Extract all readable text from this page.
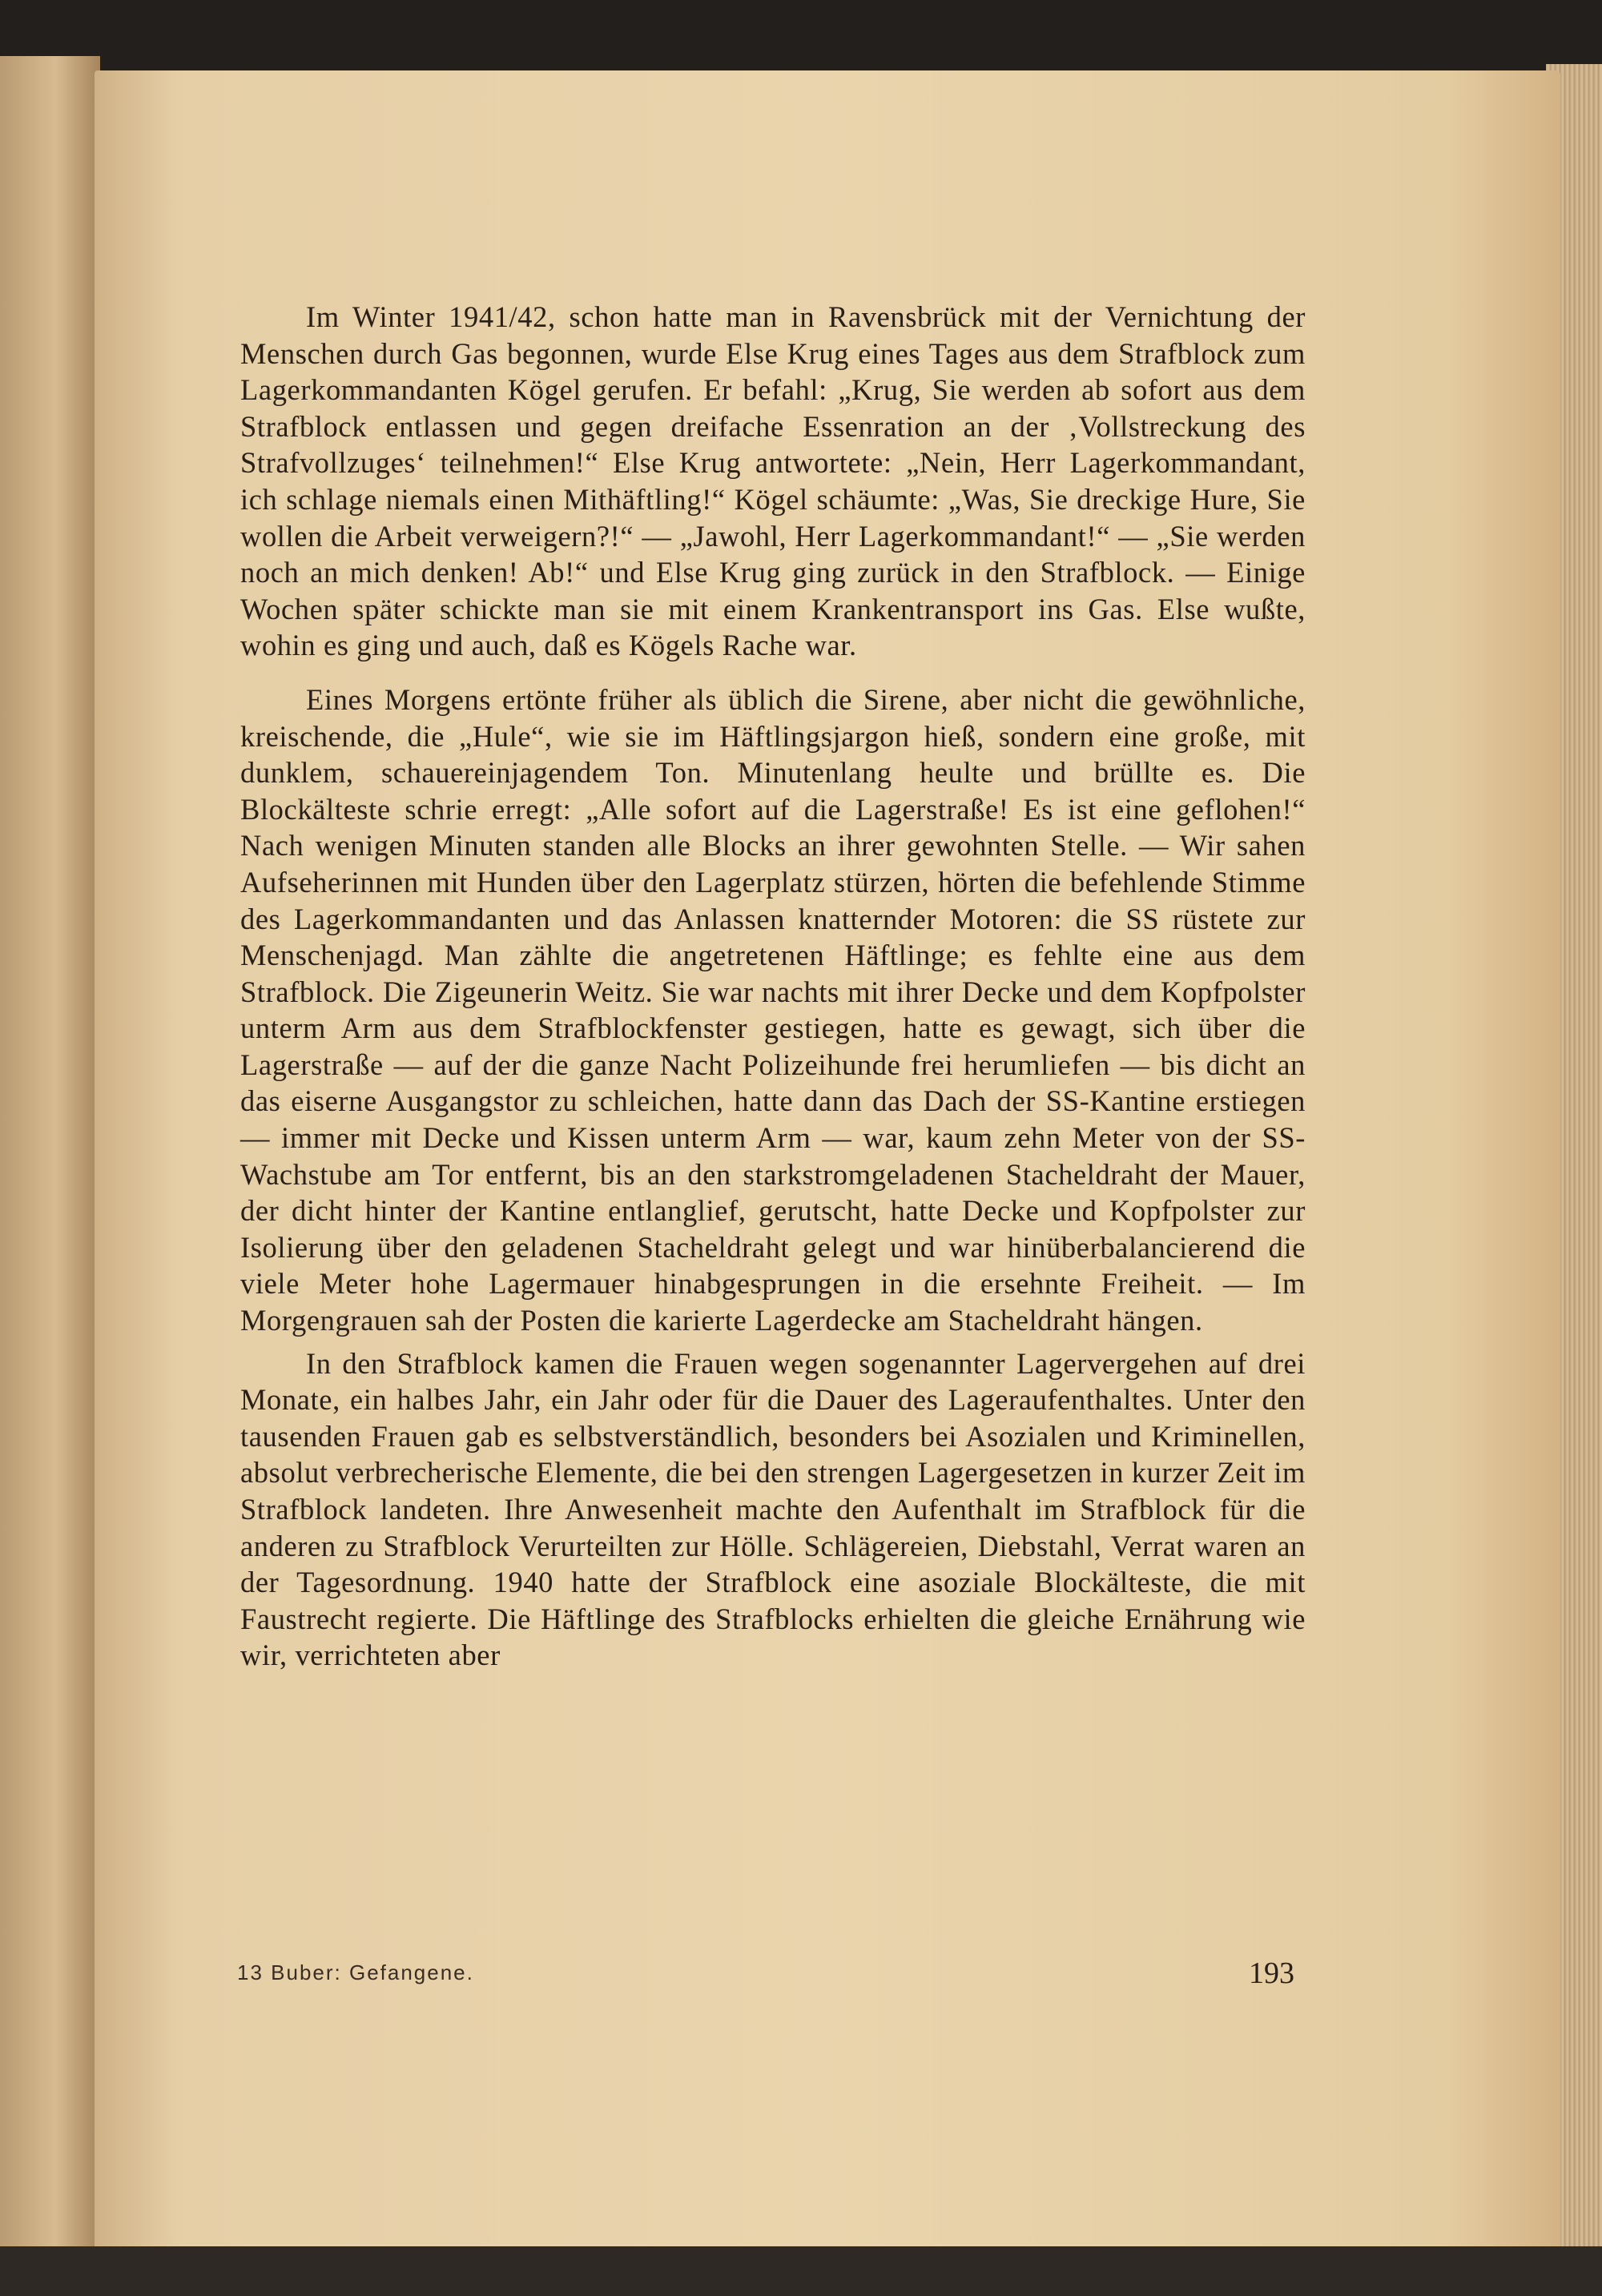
Im Winter 1941/42, schon hatte man in Ravensbrück mit der Vernichtung der Menschen durch Gas begonnen, wurde Else Krug eines Tages aus dem Strafblock zum Lagerkommandanten Kögel gerufen. Er befahl: „Krug, Sie werden ab sofort aus dem Strafblock entlassen und gegen dreifache Essenration an der ‚Vollstreckung des Strafvollzuges‘ teilnehmen!“ Else Krug antwortete: „Nein, Herr Lagerkommandant, ich schlage niemals einen Mithäftling!“ Kögel schäumte: „Was, Sie dreckige Hure, Sie wollen die Arbeit verweigern?!“ — „Jawohl, Herr Lagerkommandant!“ — „Sie werden noch an mich denken! Ab!“ und Else Krug ging zurück in den Strafblock. — Einige Wochen später schickte man sie mit einem Krankentransport ins Gas. Else wußte, wohin es ging und auch, daß es Kögels Rache war.

Eines Morgens ertönte früher als üblich die Sirene, aber nicht die gewöhnliche, kreischende, die „Hule“, wie sie im Häftlingsjargon hieß, sondern eine große, mit dunklem, schauereinjagendem Ton. Minutenlang heulte und brüllte es. Die Blockälteste schrie erregt: „Alle sofort auf die Lagerstraße! Es ist eine geflohen!“ Nach wenigen Minuten standen alle Blocks an ihrer gewohnten Stelle. — Wir sahen Aufseherinnen mit Hunden über den Lagerplatz stürzen, hörten die befehlende Stimme des Lagerkommandanten und das Anlassen knatternder Motoren: die SS rüstete zur Menschenjagd. Man zählte die angetretenen Häftlinge; es fehlte eine aus dem Strafblock. Die Zigeunerin Weitz. Sie war nachts mit ihrer Decke und dem Kopfpolster unterm Arm aus dem Strafblockfenster gestiegen, hatte es gewagt, sich über die Lagerstraße — auf der die ganze Nacht Polizeihunde frei herumliefen — bis dicht an das eiserne Ausgangstor zu schleichen, hatte dann das Dach der SS-Kantine erstiegen — immer mit Decke und Kissen unterm Arm — war, kaum zehn Meter von der SS-Wachstube am Tor entfernt, bis an den starkstromgeladenen Stacheldraht der Mauer, der dicht hinter der Kantine entlanglief, gerutscht, hatte Decke und Kopfpolster zur Isolierung über den geladenen Stacheldraht gelegt und war hinüberbalancierend die viele Meter hohe Lagermauer hinabgesprungen in die ersehnte Freiheit. — Im Morgengrauen sah der Posten die karierte Lagerdecke am Stacheldraht hängen.

In den Strafblock kamen die Frauen wegen sogenannter Lagervergehen auf drei Monate, ein halbes Jahr, ein Jahr oder für die Dauer des Lageraufenthaltes. Unter den tausenden Frauen gab es selbstverständlich, besonders bei Asozialen und Kriminellen, absolut verbrecherische Elemente, die bei den strengen Lagergesetzen in kurzer Zeit im Strafblock landeten. Ihre Anwesenheit machte den Aufenthalt im Strafblock für die anderen zu Strafblock Verurteilten zur Hölle. Schlägereien, Diebstahl, Verrat waren an der Tagesordnung. 1940 hatte der Strafblock eine asoziale Blockälteste, die mit Faustrecht regierte. Die Häftlinge des Strafblocks erhielten die gleiche Ernährung wie wir, verrichteten aber

13 Buber: Gefangene.	193
